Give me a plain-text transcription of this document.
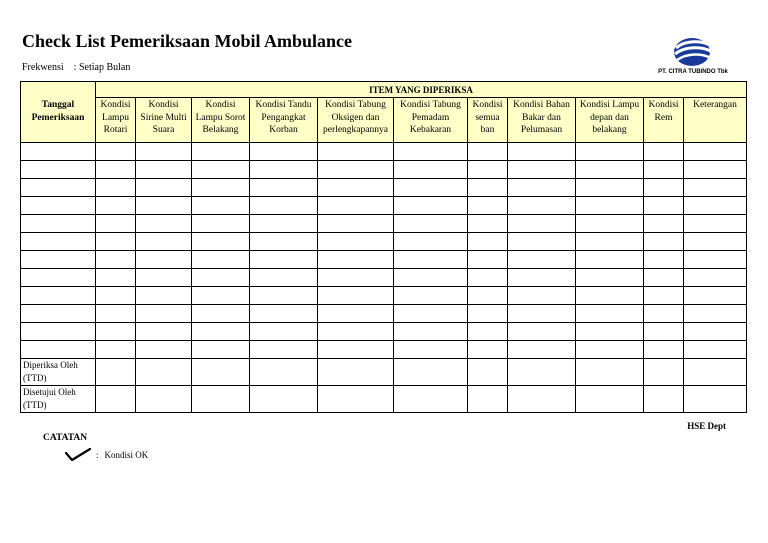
Check List Pemeriksaan Mobil Ambulance
Frekwensi : Setiap Bulan	PT. CITRA TUBINDO Tbk
Tanggal Pemeriksaan	ITEM YANG DIPERIKSA										
	Kondisi Lampu Rotari	Kondisi Sirine Multi Suara	Kondisi Lampu Sorot Belakang	Kondisi Tandu Pengangkat Korban	Kondisi Tabung Oksigen dan perlengkapannya	Kondisi Tabung Pemadam Kebakaran	Kondisi semua ban	Kondisi Bahan Bakar dan Pelumasan	Kondisi Lampu depan dan belakang	Kondisi Rem	Keterangan

Diperiksa Oleh (TTD)											
Disetujui Oleh (TTD)											
HSE Dept
CATATAN
: Kondisi OK
